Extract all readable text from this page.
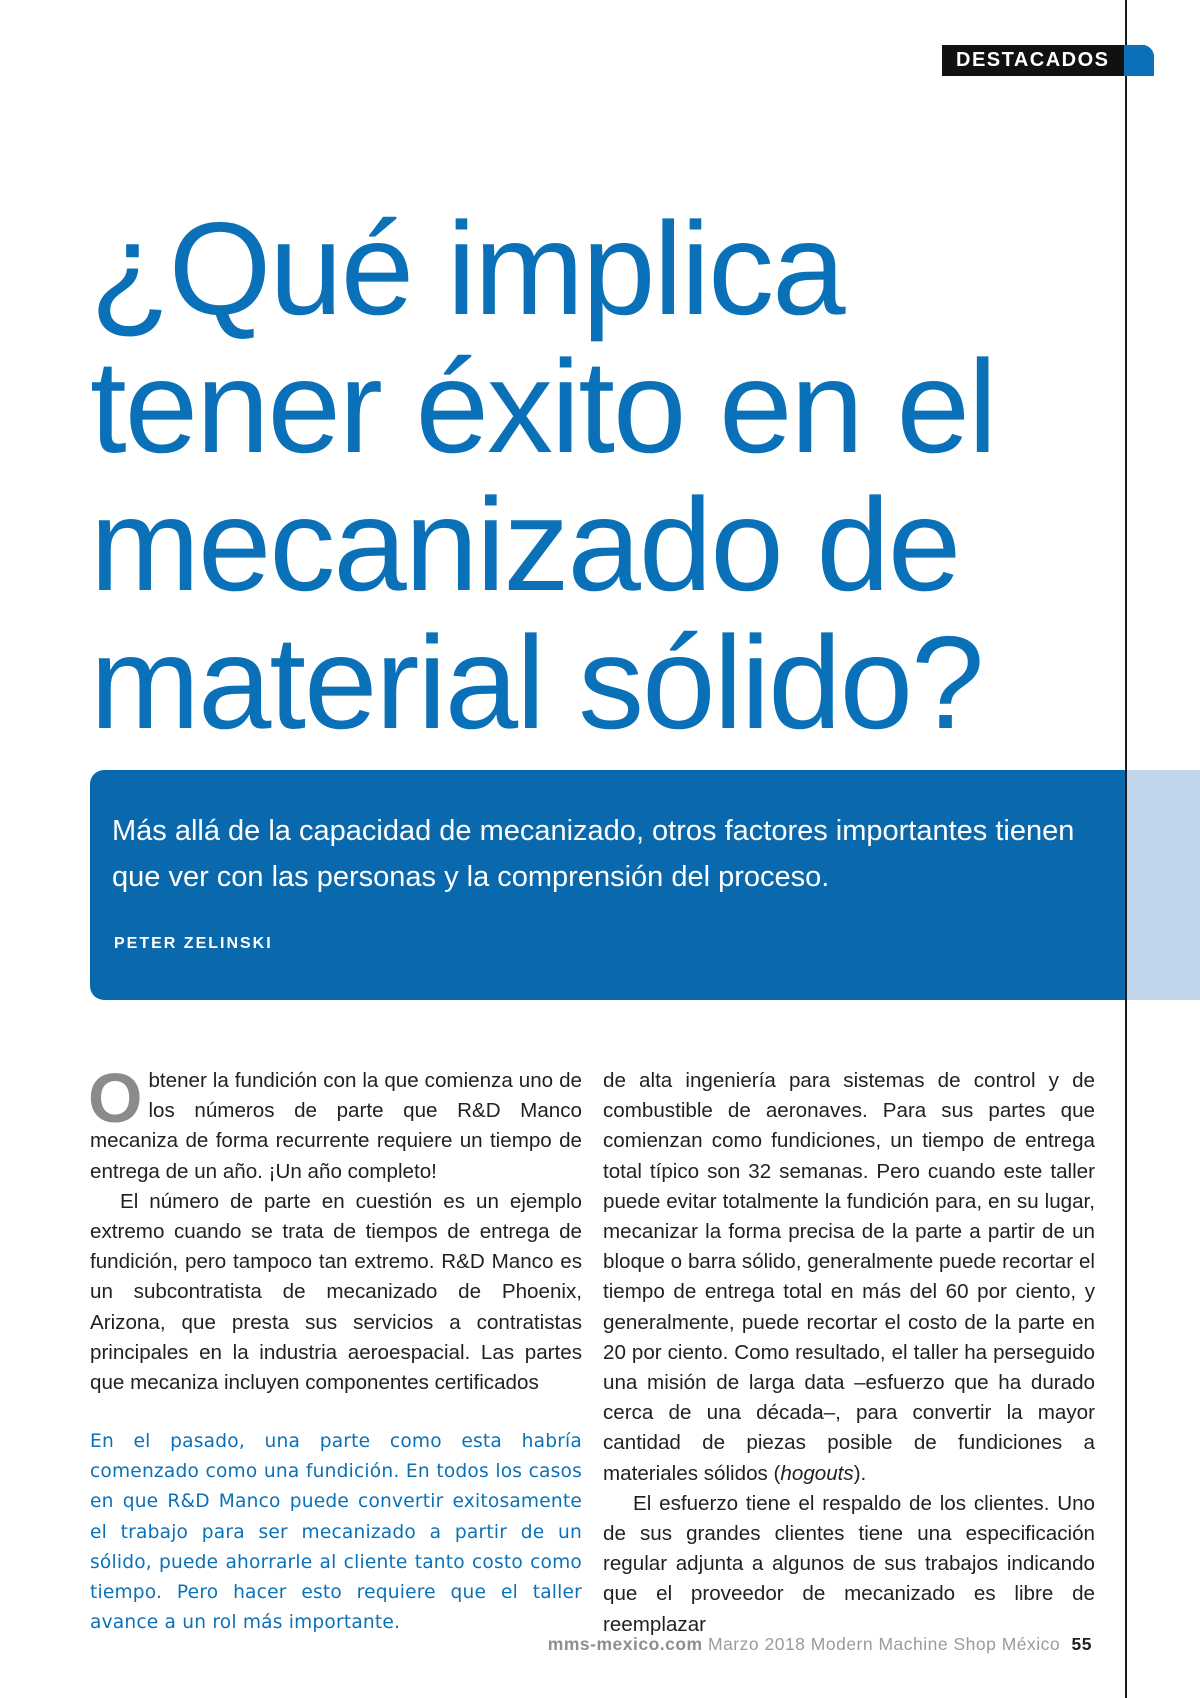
DESTACADOS
¿Qué implica
tener éxito en el
mecanizado de
material sólido?

Más allá de la capacidad de mecanizado, otros factores importantes tienen que ver con las personas y la comprensión del proceso.

PETER ZELINSKI

Obtener la fundición con la que comienza uno de los números de parte que R&D Manco mecaniza de forma recurrente requiere un tiempo de entrega de un año. ¡Un año completo!

El número de parte en cuestión es un ejemplo extremo cuando se trata de tiempos de entrega de fundición, pero tampoco tan extremo. R&D Manco es un subcontratista de mecanizado de Phoenix, Arizona, que presta sus servicios a contratistas principales en la industria aeroespacial. Las partes que mecaniza incluyen componentes certificados

En el pasado, una parte como esta habría comenzado como una fundición. En todos los casos en que R&D Manco puede convertir exitosamente el trabajo para ser mecanizado a partir de un sólido, puede ahorrarle al cliente tanto costo como tiempo. Pero hacer esto requiere que el taller avance a un rol más importante.

de alta ingeniería para sistemas de control y de combustible de aeronaves. Para sus partes que comienzan como fundiciones, un tiempo de entrega total típico son 32 semanas. Pero cuando este taller puede evitar totalmente la fundición para, en su lugar, mecanizar la forma precisa de la parte a partir de un bloque o barra sólido, generalmente puede recortar el tiempo de entrega total en más del 60 por ciento, y generalmente, puede recortar el costo de la parte en 20 por ciento. Como resultado, el taller ha perseguido una misión de larga data –esfuerzo que ha durado cerca de una década–, para convertir la mayor cantidad de piezas posible de fundiciones a materiales sólidos (hogouts).

El esfuerzo tiene el respaldo de los clientes. Uno de sus grandes clientes tiene una especificación regular adjunta a algunos de sus trabajos indicando que el proveedor de mecanizado es libre de reemplazar

mms-mexico.com Marzo 2018 Modern Machine Shop México 55
